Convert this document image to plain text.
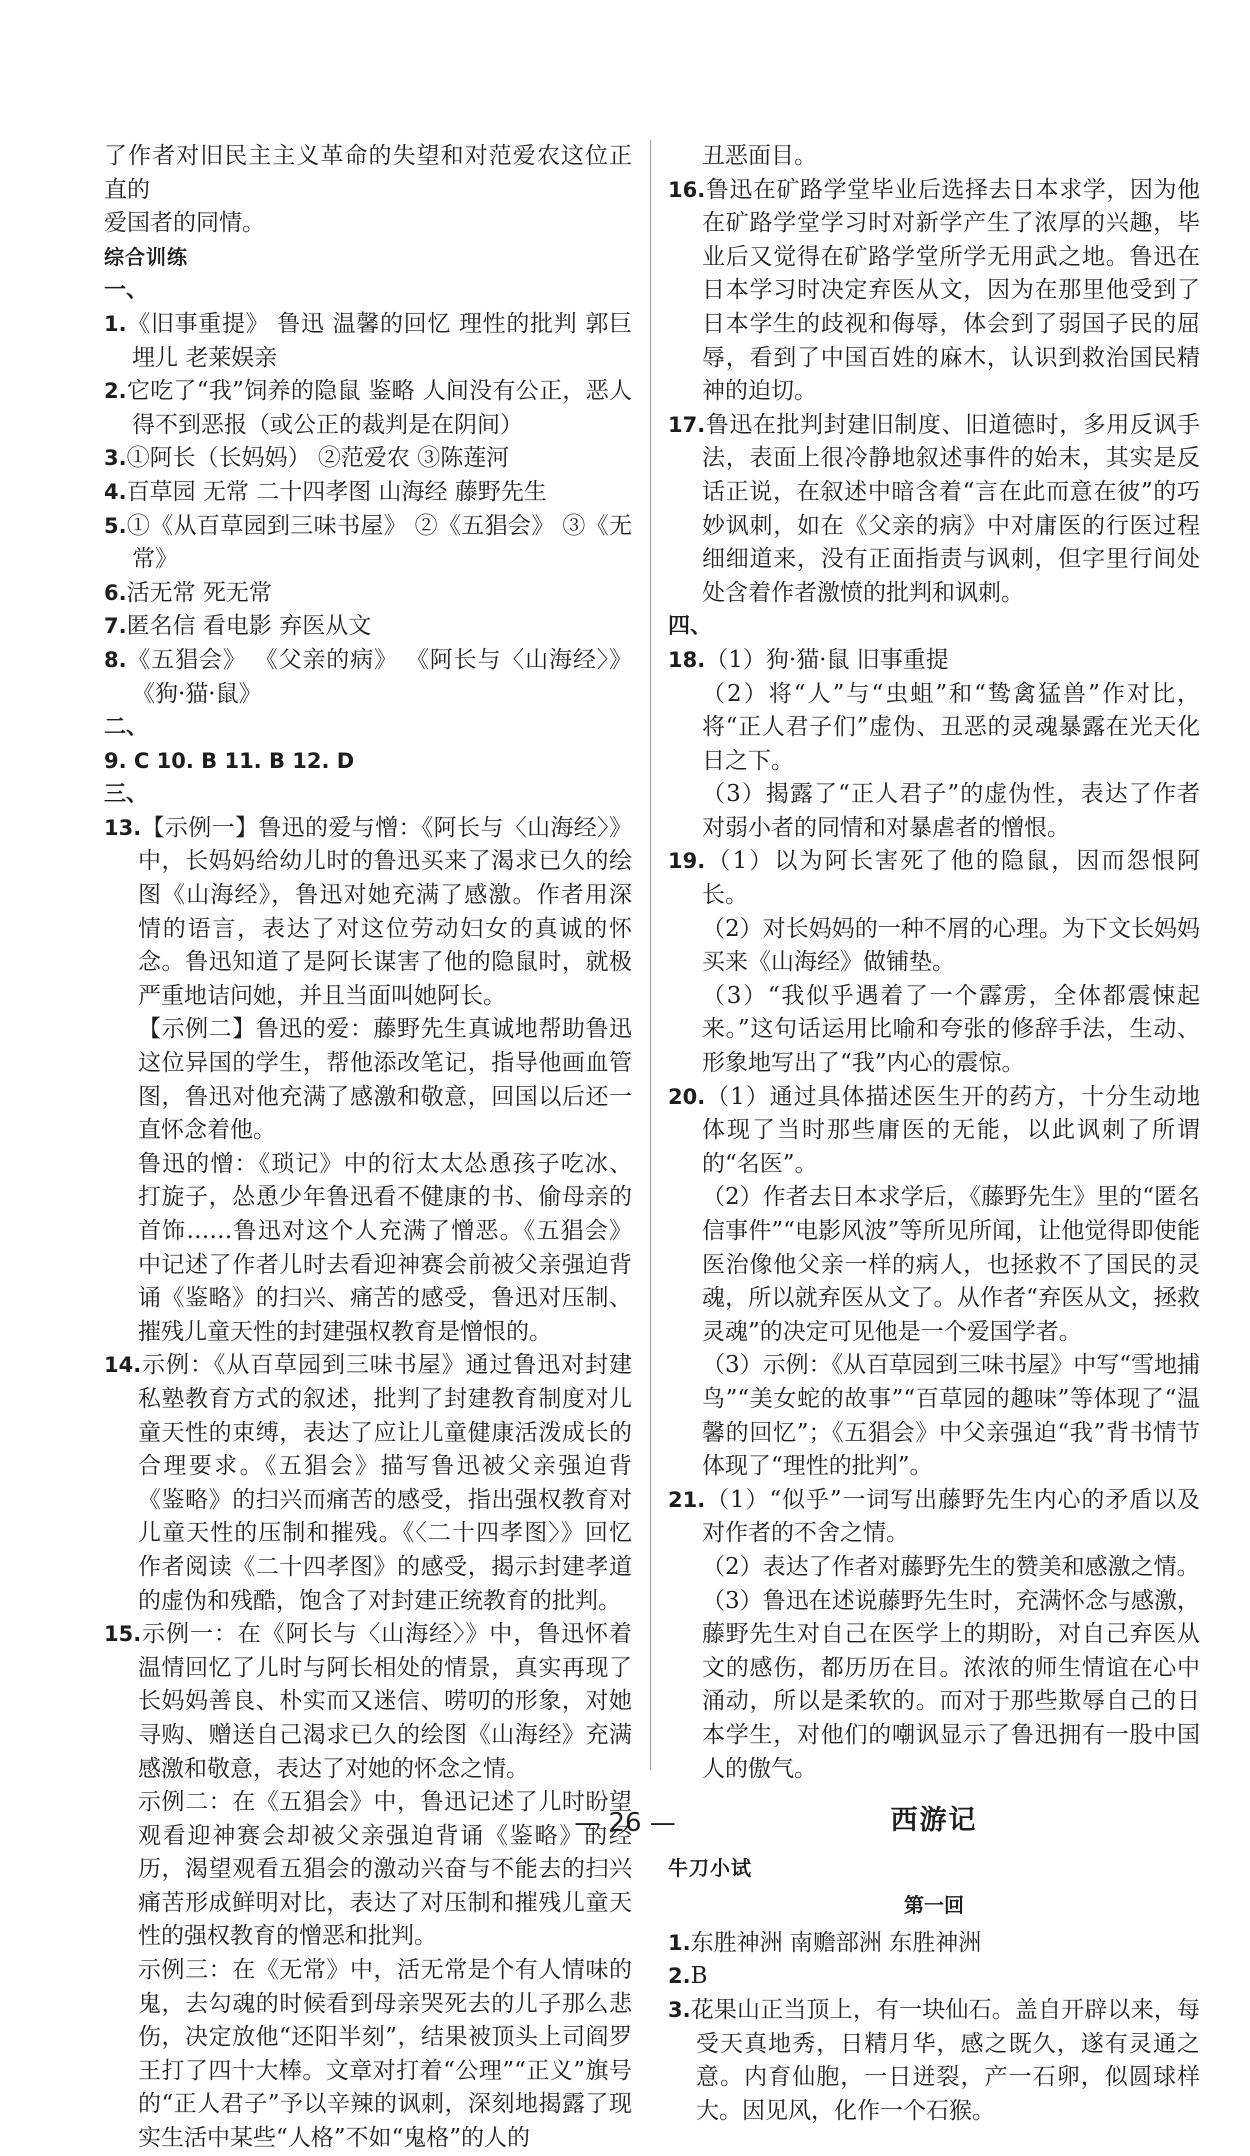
了作者对旧民主主义革命的失望和对范爱农这位正直的

爱国者的同情。

综合训练

一、

1.《旧事重提》 鲁迅 温馨的回忆 理性的批判 郭巨埋儿 老莱娱亲

2.它吃了“我”饲养的隐鼠 鉴略 人间没有公正，恶人得不到恶报（或公正的裁判是在阴间）

3.①阿长（长妈妈） ②范爱农 ③陈莲河

4.百草园 无常 二十四孝图 山海经 藤野先生

5.①《从百草园到三味书屋》 ②《五猖会》 ③《无常》

6.活无常 死无常

7.匿名信 看电影 弃医从文

8.《五猖会》 《父亲的病》 《阿长与〈山海经〉》 《狗·猫·鼠》

二、

9. C 10. B 11. B 12. D

三、

13.【示例一】鲁迅的爱与憎：《阿长与〈山海经〉》中，长妈妈给幼儿时的鲁迅买来了渴求已久的绘图《山海经》，鲁迅对她充满了感激。作者用深情的语言，表达了对这位劳动妇女的真诚的怀念。鲁迅知道了是阿长谋害了他的隐鼠时，就极严重地诘问她，并且当面叫她阿长。

【示例二】鲁迅的爱：藤野先生真诚地帮助鲁迅这位异国的学生，帮他添改笔记，指导他画血管图，鲁迅对他充满了感激和敬意，回国以后还一直怀念着他。

鲁迅的憎：《琐记》中的衍太太怂恿孩子吃冰、打旋子，怂恿少年鲁迅看不健康的书、偷母亲的首饰……鲁迅对这个人充满了憎恶。《五猖会》中记述了作者儿时去看迎神赛会前被父亲强迫背诵《鉴略》的扫兴、痛苦的感受，鲁迅对压制、摧残儿童天性的封建强权教育是憎恨的。

14.示例：《从百草园到三味书屋》通过鲁迅对封建私塾教育方式的叙述，批判了封建教育制度对儿童天性的束缚，表达了应让儿童健康活泼成长的合理要求。《五猖会》描写鲁迅被父亲强迫背《鉴略》的扫兴而痛苦的感受，指出强权教育对儿童天性的压制和摧残。《〈二十四孝图〉》回忆作者阅读《二十四孝图》的感受，揭示封建孝道的虚伪和残酷，饱含了对封建正统教育的批判。

15.示例一：在《阿长与〈山海经〉》中，鲁迅怀着温情回忆了儿时与阿长相处的情景，真实再现了长妈妈善良、朴实而又迷信、唠叨的形象，对她寻购、赠送自己渴求已久的绘图《山海经》充满感激和敬意，表达了对她的怀念之情。

示例二：在《五猖会》中，鲁迅记述了儿时盼望观看迎神赛会却被父亲强迫背诵《鉴略》的经历，渴望观看五猖会的激动兴奋与不能去的扫兴痛苦形成鲜明对比，表达了对压制和摧残儿童天性的强权教育的憎恶和批判。

示例三：在《无常》中，活无常是个有人情味的鬼，去勾魂的时候看到母亲哭死去的儿子那么悲伤，决定放他“还阳半刻”，结果被顶头上司阎罗王打了四十大棒。文章对打着“公理”“正义”旗号的“正人君子”予以辛辣的讽刺，深刻地揭露了现实生活中某些“人格”不如“鬼格”的人的

丑恶面目。

16.鲁迅在矿路学堂毕业后选择去日本求学，因为他在矿路学堂学习时对新学产生了浓厚的兴趣，毕业后又觉得在矿路学堂所学无用武之地。鲁迅在日本学习时决定弃医从文，因为在那里他受到了日本学生的歧视和侮辱，体会到了弱国子民的屈辱，看到了中国百姓的麻木，认识到救治国民精神的迫切。

17.鲁迅在批判封建旧制度、旧道德时，多用反讽手法，表面上很冷静地叙述事件的始末，其实是反话正说，在叙述中暗含着“言在此而意在彼”的巧妙讽刺，如在《父亲的病》中对庸医的行医过程细细道来，没有正面指责与讽刺，但字里行间处处含着作者激愤的批判和讽刺。

四、

18.（1）狗·猫·鼠 旧事重提

（2）将“人”与“虫蛆”和“鸷禽猛兽”作对比，将“正人君子们”虚伪、丑恶的灵魂暴露在光天化日之下。

（3）揭露了“正人君子”的虚伪性，表达了作者对弱小者的同情和对暴虐者的憎恨。

19.（1）以为阿长害死了他的隐鼠，因而怨恨阿长。

（2）对长妈妈的一种不屑的心理。为下文长妈妈买来《山海经》做铺垫。

（3）“我似乎遇着了一个霹雳，全体都震悚起来。”这句话运用比喻和夸张的修辞手法，生动、形象地写出了“我”内心的震惊。

20.（1）通过具体描述医生开的药方，十分生动地体现了当时那些庸医的无能，以此讽刺了所谓的“名医”。

（2）作者去日本求学后，《藤野先生》里的“匿名信事件”“电影风波”等所见所闻，让他觉得即使能医治像他父亲一样的病人，也拯救不了国民的灵魂，所以就弃医从文了。从作者“弃医从文，拯救灵魂”的决定可见他是一个爱国学者。

（3）示例：《从百草园到三味书屋》中写“雪地捕鸟”“美女蛇的故事”“百草园的趣味”等体现了“温馨的回忆”；《五猖会》中父亲强迫“我”背书情节体现了“理性的批判”。

21.（1）“似乎”一词写出藤野先生内心的矛盾以及对作者的不舍之情。

（2）表达了作者对藤野先生的赞美和感激之情。

（3）鲁迅在述说藤野先生时，充满怀念与感激，藤野先生对自己在医学上的期盼，对自己弃医从文的感伤，都历历在目。浓浓的师生情谊在心中涌动，所以是柔软的。而对于那些欺辱自己的日本学生，对他们的嘲讽显示了鲁迅拥有一股中国人的傲气。

西游记

牛刀小试

第一回

1.东胜神洲 南赡部洲 东胜神洲

2.B

3.花果山正当顶上，有一块仙石。盖自开辟以来，每受天真地秀，日精月华，感之既久，遂有灵通之意。内育仙胞，一日迸裂，产一石卵，似圆球样大。因见风，化作一个石猴。

— 26 —
